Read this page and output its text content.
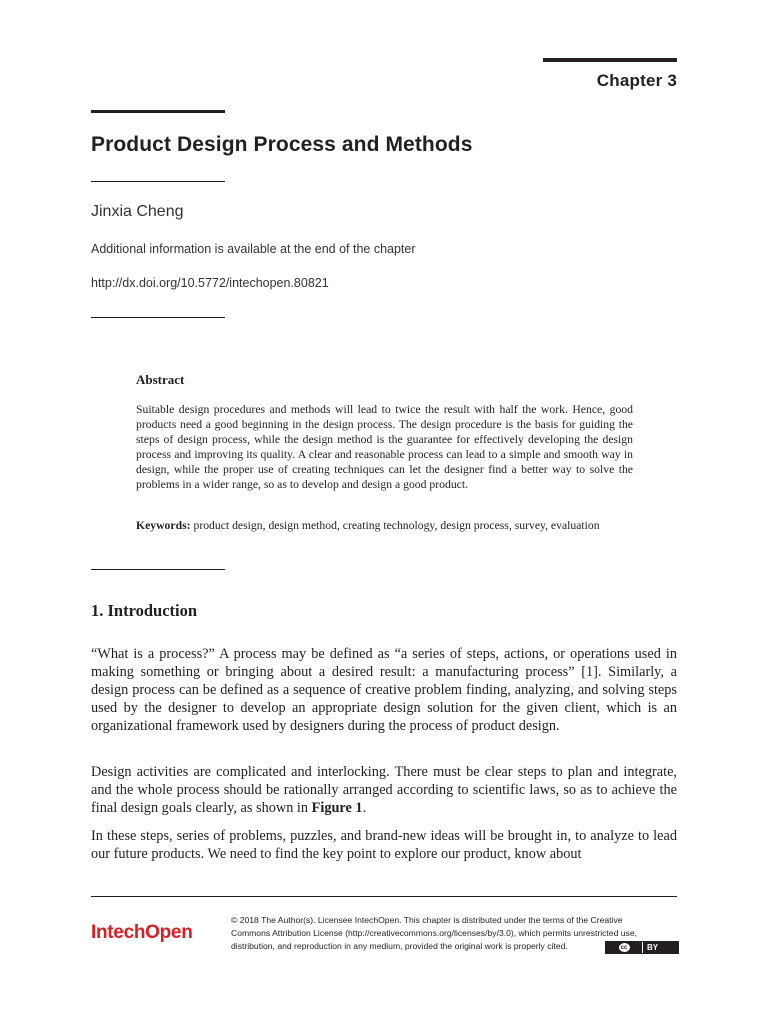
Chapter 3
Product Design Process and Methods
Jinxia Cheng
Additional information is available at the end of the chapter
http://dx.doi.org/10.5772/intechopen.80821
Abstract
Suitable design procedures and methods will lead to twice the result with half the work. Hence, good products need a good beginning in the design process. The design procedure is the basis for guiding the steps of design process, while the design method is the guarantee for effectively developing the design process and improving its quality. A clear and reasonable process can lead to a simple and smooth way in design, while the proper use of creating techniques can let the designer find a better way to solve the problems in a wider range, so as to develop and design a good product.
Keywords: product design, design method, creating technology, design process, survey, evaluation
1. Introduction
“What is a process?” A process may be defined as “a series of steps, actions, or operations used in making something or bringing about a desired result: a manufacturing process” [1]. Similarly, a design process can be defined as a sequence of creative problem finding, analyzing, and solving steps used by the designer to develop an appropriate design solution for the given client, which is an organizational framework used by designers during the process of product design.
Design activities are complicated and interlocking. There must be clear steps to plan and integrate, and the whole process should be rationally arranged according to scientific laws, so as to achieve the final design goals clearly, as shown in Figure 1.
In these steps, series of problems, puzzles, and brand-new ideas will be brought in, to analyze to lead our future products. We need to find the key point to explore our product, know about
IntechOpen
© 2018 The Author(s). Licensee IntechOpen. This chapter is distributed under the terms of the Creative
Commons Attribution License (http://creativecommons.org/licenses/by/3.0), which permits unrestricted use,
distribution, and reproduction in any medium, provided the original work is properly cited.	cc	BY
